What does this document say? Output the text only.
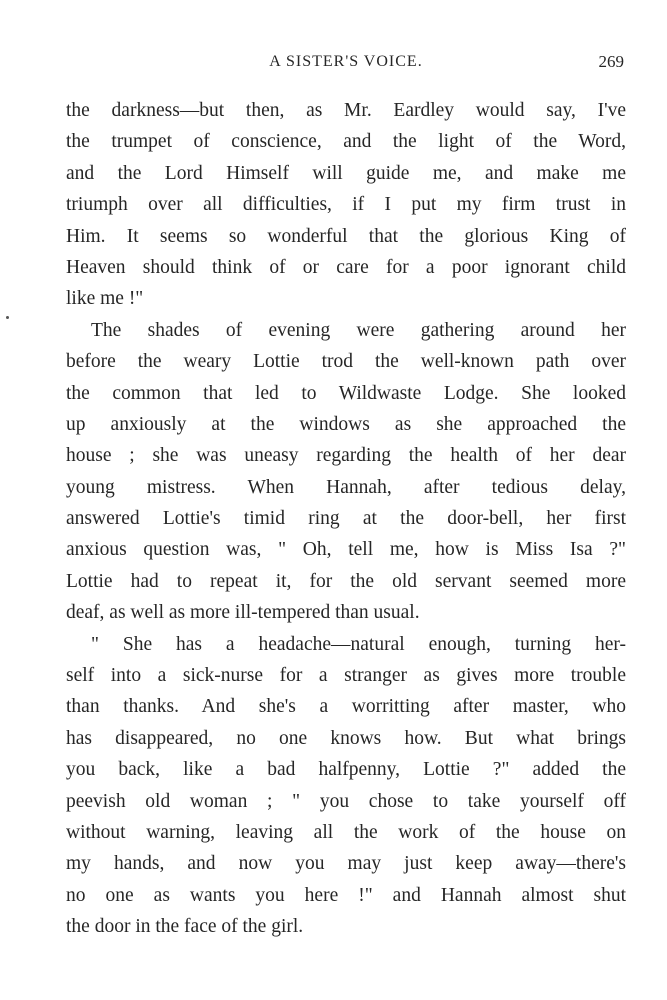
A SISTER'S VOICE.	269
the darkness—but then, as Mr. Eardley would say, I've
the trumpet of conscience, and the light of the Word,
and the Lord Himself will guide me, and make me
triumph over all difficulties, if I put my firm trust in
Him. It seems so wonderful that the glorious King of
Heaven should think of or care for a poor ignorant child
like me !"
The shades of evening were gathering around her
before the weary Lottie trod the well-known path over
the common that led to Wildwaste Lodge. She looked
up anxiously at the windows as she approached the
house ; she was uneasy regarding the health of her dear
young mistress. When Hannah, after tedious delay,
answered Lottie's timid ring at the door-bell, her first
anxious question was, " Oh, tell me, how is Miss Isa ?"
Lottie had to repeat it, for the old servant seemed more
deaf, as well as more ill-tempered than usual.
" She has a headache—natural enough, turning her-
self into a sick-nurse for a stranger as gives more trouble
than thanks. And she's a worritting after master, who
has disappeared, no one knows how. But what brings
you back, like a bad halfpenny, Lottie ?" added the
peevish old woman ; " you chose to take yourself off
without warning, leaving all the work of the house on
my hands, and now you may just keep away—there's
no one as wants you here !" and Hannah almost shut
the door in the face of the girl.
